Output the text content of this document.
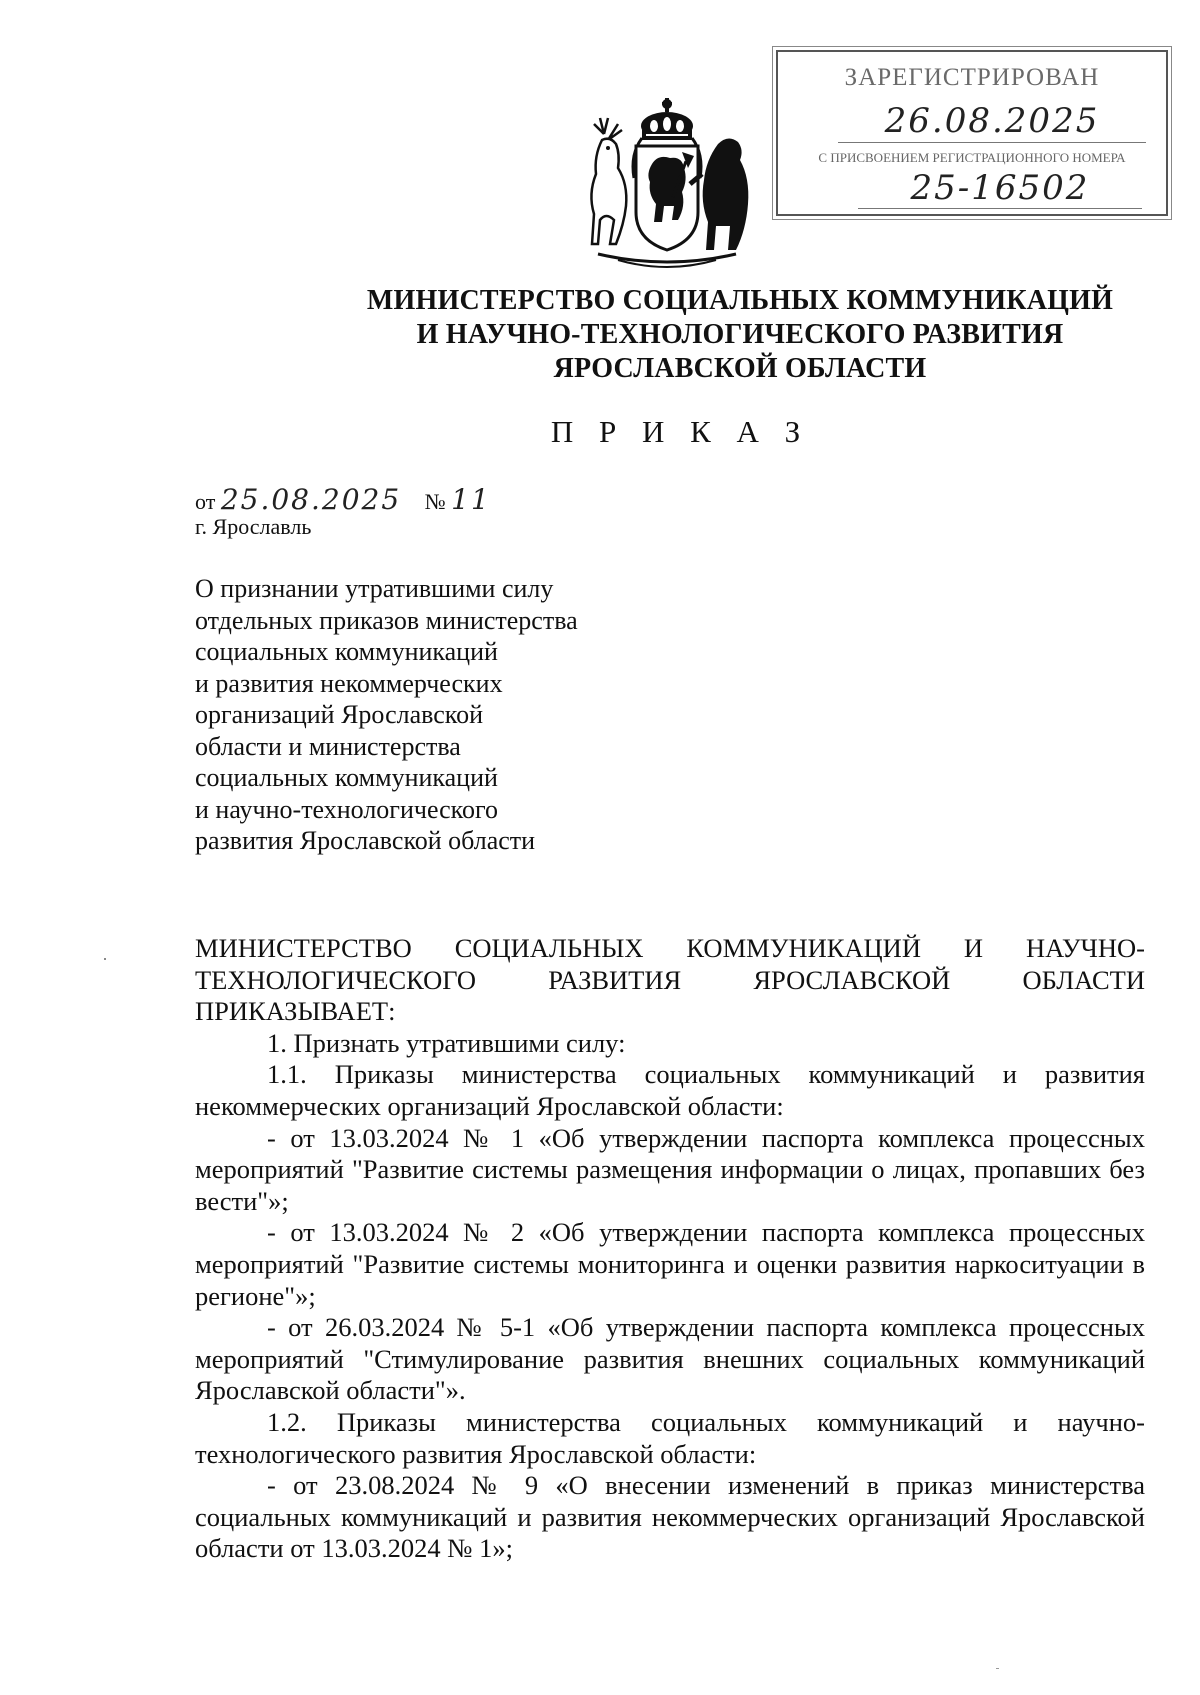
ЗАРЕГИСТРИРОВАН
26.08.2025
С ПРИСВОЕНИЕМ РЕГИСТРАЦИОННОГО НОМЕРА
25-16502
МИНИСТЕРСТВО СОЦИАЛЬНЫХ КОММУНИКАЦИЙ
И НАУЧНО-ТЕХНОЛОГИЧЕСКОГО РАЗВИТИЯ
ЯРОСЛАВСКОЙ ОБЛАСТИ
П Р И К А З
от 25.08.2025 № 11
г. Ярославль
О признании утратившими силу
отдельных приказов министерства
социальных коммуникаций
и развития некоммерческих
организаций Ярославской
области и министерства
социальных коммуникаций
и научно-технологического
развития Ярославской области

МИНИСТЕРСТВО СОЦИАЛЬНЫХ КОММУНИКАЦИЙ И НАУЧНО-ТЕХНОЛОГИЧЕСКОГО РАЗВИТИЯ ЯРОСЛАВСКОЙ ОБЛАСТИ ПРИКАЗЫВАЕТ:

1. Признать утратившими силу:

1.1. Приказы министерства социальных коммуникаций и развития некоммерческих организаций Ярославской области:

- от 13.03.2024 № 1 «Об утверждении паспорта комплекса процессных мероприятий "Развитие системы размещения информации о лицах, пропавших без вести"»;

- от 13.03.2024 № 2 «Об утверждении паспорта комплекса процессных мероприятий "Развитие системы мониторинга и оценки развития наркоситуации в регионе"»;

- от 26.03.2024 № 5-1 «Об утверждении паспорта комплекса процессных мероприятий "Стимулирование развития внешних социальных коммуникаций Ярославской области"».

1.2. Приказы министерства социальных коммуникаций и научно-технологического развития Ярославской области:

- от 23.08.2024 № 9 «О внесении изменений в приказ министерства социальных коммуникаций и развития некоммерческих организаций Ярославской области от 13.03.2024 № 1»;
